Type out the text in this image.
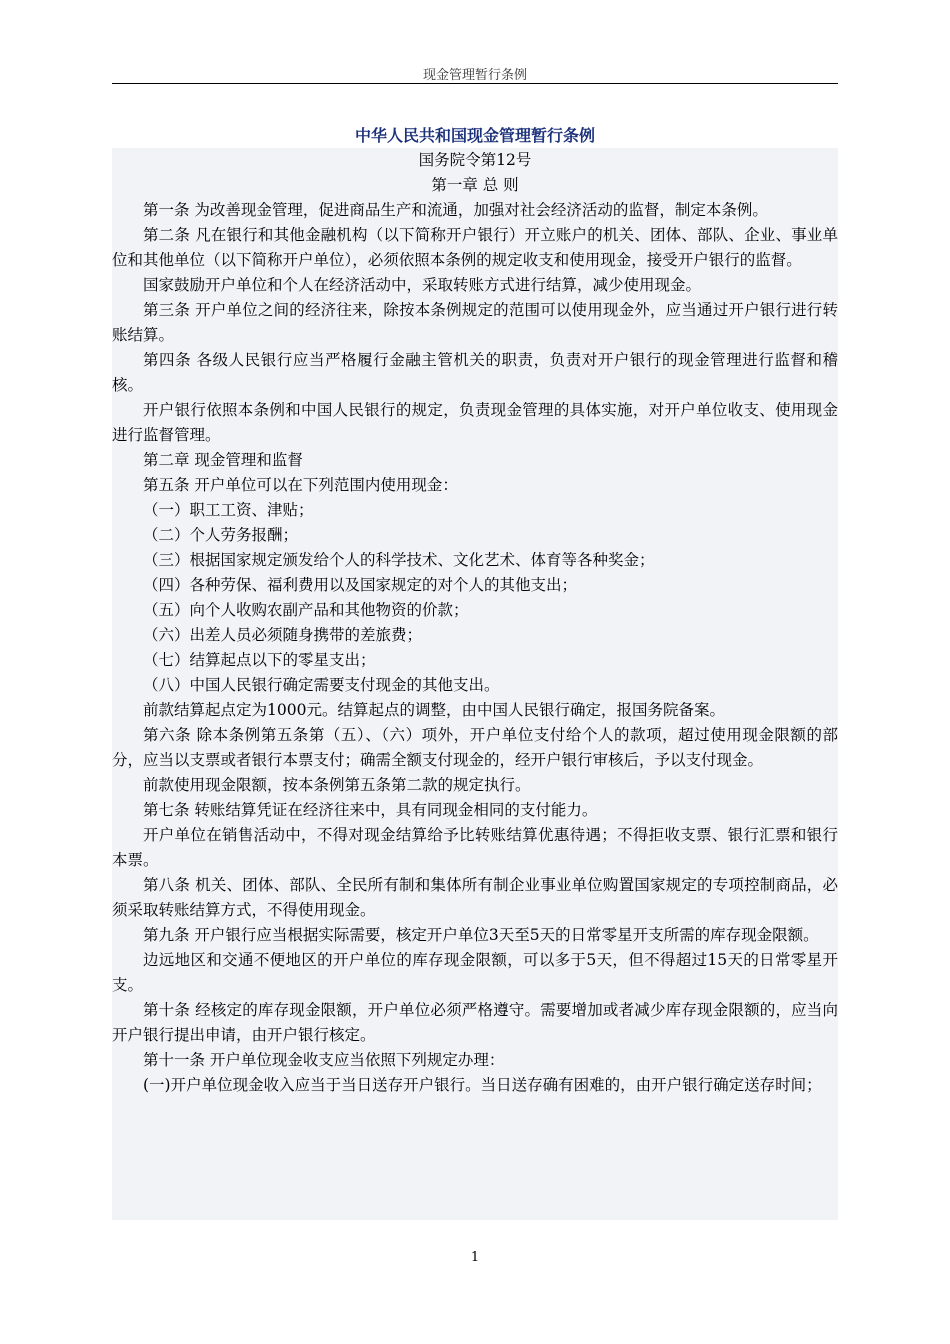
现金管理暂行条例
中华人民共和国现金管理暂行条例

国务院令第12号

第一章 总 则

第一条 为改善现金管理，促进商品生产和流通，加强对社会经济活动的监督，制定本条例。

第二条 凡在银行和其他金融机构（以下简称开户银行）开立账户的机关、团体、部队、企业、事业单位和其他单位（以下简称开户单位），必须依照本条例的规定收支和使用现金，接受开户银行的监督。

国家鼓励开户单位和个人在经济活动中，采取转账方式进行结算，减少使用现金。

第三条 开户单位之间的经济往来，除按本条例规定的范围可以使用现金外，应当通过开户银行进行转账结算。

第四条 各级人民银行应当严格履行金融主管机关的职责，负责对开户银行的现金管理进行监督和稽核。

开户银行依照本条例和中国人民银行的规定，负责现金管理的具体实施，对开户单位收支、使用现金进行监督管理。

第二章 现金管理和监督

第五条 开户单位可以在下列范围内使用现金：

（一）职工工资、津贴；

（二）个人劳务报酬；

（三）根据国家规定颁发给个人的科学技术、文化艺术、体育等各种奖金；

（四）各种劳保、福利费用以及国家规定的对个人的其他支出；

（五）向个人收购农副产品和其他物资的价款；

（六）出差人员必须随身携带的差旅费；

（七）结算起点以下的零星支出；

（八）中国人民银行确定需要支付现金的其他支出。

前款结算起点定为1000元。结算起点的调整，由中国人民银行确定，报国务院备案。

第六条 除本条例第五条第（五）、（六）项外，开户单位支付给个人的款项，超过使用现金限额的部分，应当以支票或者银行本票支付；确需全额支付现金的，经开户银行审核后，予以支付现金。

前款使用现金限额，按本条例第五条第二款的规定执行。

第七条 转账结算凭证在经济往来中，具有同现金相同的支付能力。

开户单位在销售活动中，不得对现金结算给予比转账结算优惠待遇；不得拒收支票、银行汇票和银行本票。

第八条 机关、团体、部队、全民所有制和集体所有制企业事业单位购置国家规定的专项控制商品，必须采取转账结算方式，不得使用现金。

第九条 开户银行应当根据实际需要，核定开户单位3天至5天的日常零星开支所需的库存现金限额。

边远地区和交通不便地区的开户单位的库存现金限额，可以多于5天，但不得超过15天的日常零星开支。

第十条 经核定的库存现金限额，开户单位必须严格遵守。需要增加或者减少库存现金限额的，应当向开户银行提出申请，由开户银行核定。

第十一条 开户单位现金收支应当依照下列规定办理：

(一)开户单位现金收入应当于当日送存开户银行。当日送存确有困难的，由开户银行确定送存时间；

1
